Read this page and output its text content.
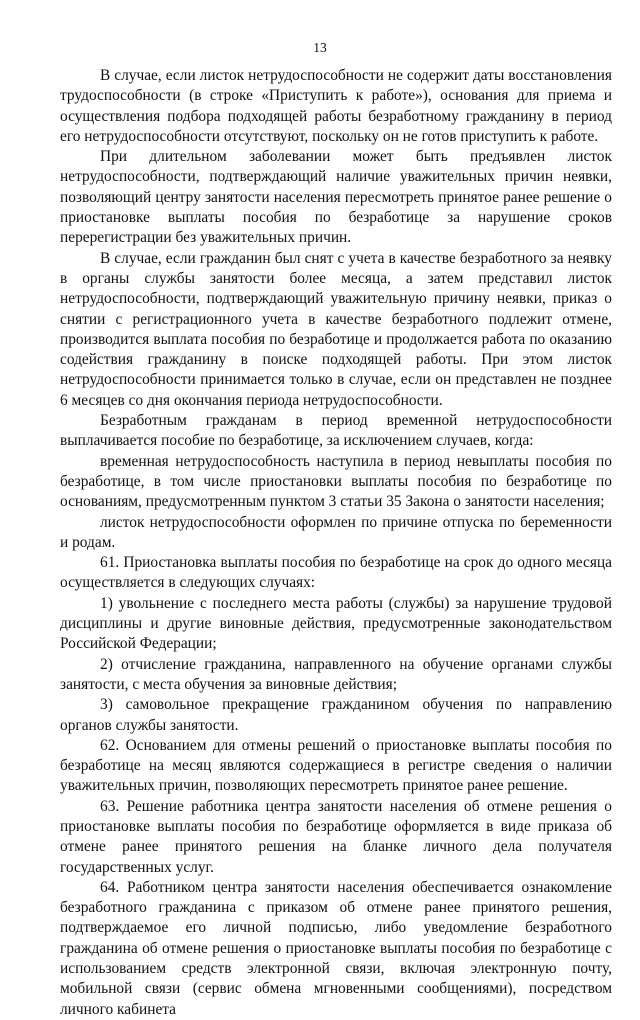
13

В случае, если листок нетрудоспособности не содержит даты восстановления трудоспособности (в строке «Приступить к работе»), основания для приема и осуществления подбора подходящей работы безработному гражданину в период его нетрудоспособности отсутствуют, поскольку он не готов приступить к работе.

При длительном заболевании может быть предъявлен листок нетрудоспособности, подтверждающий наличие уважительных причин неявки, позволяющий центру занятости населения пересмотреть принятое ранее решение о приостановке выплаты пособия по безработице за нарушение сроков перерегистрации без уважительных причин.

В случае, если гражданин был снят с учета в качестве безработного за неявку в органы службы занятости более месяца, а затем представил листок нетрудоспособности, подтверждающий уважительную причину неявки, приказ о снятии с регистрационного учета в качестве безработного подлежит отмене, производится выплата пособия по безработице и продолжается работа по оказанию содействия гражданину в поиске подходящей работы. При этом листок нетрудоспособности принимается только в случае, если он представлен не позднее 6 месяцев со дня окончания периода нетрудоспособности.

Безработным гражданам в период временной нетрудоспособности выплачивается пособие по безработице, за исключением случаев, когда:

временная нетрудоспособность наступила в период невыплаты пособия по безработице, в том числе приостановки выплаты пособия по безработице по основаниям, предусмотренным пунктом 3 статьи 35 Закона о занятости населения;

листок нетрудоспособности оформлен по причине отпуска по беременности и родам.

61. Приостановка выплаты пособия по безработице на срок до одного месяца осуществляется в следующих случаях:

1) увольнение с последнего места работы (службы) за нарушение трудовой дисциплины и другие виновные действия, предусмотренные законодательством Российской Федерации;

2) отчисление гражданина, направленного на обучение органами службы занятости, с места обучения за виновные действия;

3) самовольное прекращение гражданином обучения по направлению органов службы занятости.

62. Основанием для отмены решений о приостановке выплаты пособия по безработице на месяц являются содержащиеся в регистре сведения о наличии уважительных причин, позволяющих пересмотреть принятое ранее решение.

63. Решение работника центра занятости населения об отмене решения о приостановке выплаты пособия по безработице оформляется в виде приказа об отмене ранее принятого решения на бланке личного дела получателя государственных услуг.

64. Работником центра занятости населения обеспечивается ознакомление безработного гражданина с приказом об отмене ранее принятого решения, подтверждаемое его личной подписью, либо уведомление безработного гражданина об отмене решения о приостановке выплаты пособия по безработице с использованием средств электронной связи, включая электронную почту, мобильной связи (сервис обмена мгновенными сообщениями), посредством личного кабинета
